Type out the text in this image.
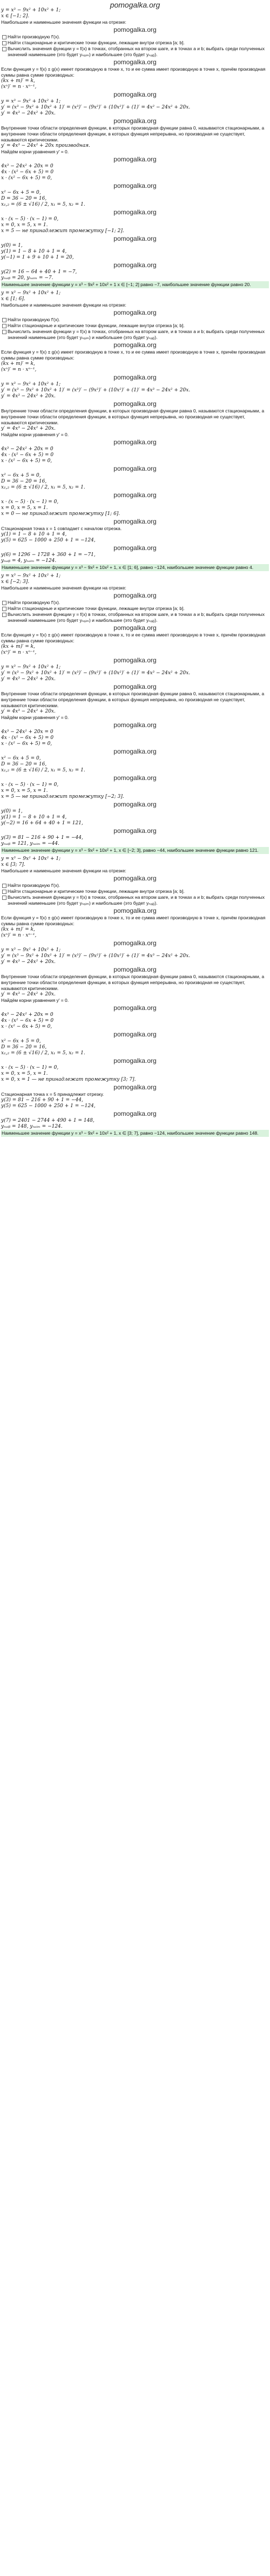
pomogalka.org
y = x³ − 9x² + 10x² + 1;
x ∈ [−1; 2].
Наибольшее и наименьшее значения функции на отрезке:
pomogalka.org
Найти производную f′(x).
Найти стационарные и критические точки функции, лежащие внутри отрезка [a; b].
Вычислить значения функции y = f(x) в точках, отобранных на втором шаге, и в точках a и b; выбрать среди полученных значений наименьшее (это будет yₙₐᵢₘ) и наибольшее (это будет yₙₐᵢᵦ).
pomogalka.org
Если функция y = f(x) ± g(x) имеет производную в точке x, то и ее сумма имеет производную в точке x, причём производная суммы равна сумме производных:
(kx + m)′ = k,
(xⁿ)′ = n · xⁿ⁻¹,
pomogalka.org
y = x³ − 9x² + 10x² + 1;
y′ = (x³ − 9x² + 10x² + 1)′ = (x³)′ − (9x²)′ + (10x²)′ + (1)′ = 4x² − 24x² + 20x.
y′ = 4x³ − 24x² + 20x.
pomogalka.org
Внутренние точки области определения функции, в которых производная функции равна 0, называются стационарными, а внутренние точки области определения функции, в которых функция непрерывна, но производная не существует, называются критическими.
y′ = 4x³ − 24x² + 20x производная.
Найдём корни уравнения y′ = 0.
pomogalka.org
4x³ − 24x² + 20x = 0
4x · (x² − 6x + 5) = 0
x · (x² − 6x + 5) = 0,
pomogalka.org
x² − 6x + 5 = 0,
D = 36 − 20 = 16,
x₁,₂ = (6 ± √16) / 2, x₁ = 5, x₂ = 1.
pomogalka.org
x · (x − 5) · (x − 1) = 0,
x = 0, x = 5, x = 1.
x = 5 — не принадлежит промежутку [−1; 2].
pomogalka.org
y(0) = 1,
y(1) = 1 − 8 + 10 + 1 = 4,
y(−1) = 1 + 9 + 10 + 1 = 20,
pomogalka.org
y(2) = 16 − 64 + 40 + 1 = −7,
yₙₐᵢᵦ = 20, yₙₐᵢₘ = −7.
Наименьшее значение функции y = x³ − 9x² + 10x² + 1 x ∈ [−1; 2] равно −7, наибольшее значение функции равно 20.
y = x³ − 9x² + 10x² + 1;
x ∈ [1; 6].
Наибольшее и наименьшее значения функции на отрезке:
pomogalka.org
Найти производную f′(x).
Найти стационарные и критические точки функции, лежащие внутри отрезка [a; b].
Вычислить значения функции y = f(x) в точках, отобранных на втором шаге, и в точках a и b; выбрать среди полученных значений наименьшее (это будет yₙₐᵢₘ) и наибольшее (это будет yₙₐᵢᵦ).
pomogalka.org
Если функция y = f(x) ± g(x) имеет производную в точке x, то и ее сумма имеет производную в точке x, причём производная суммы равна сумме производных:
(kx + m)′ = k,
(xⁿ)′ = n · xⁿ⁻¹,
pomogalka.org
y = x³ − 9x² + 10x² + 1;
y′ = (x³ − 9x² + 10x² + 1)′ = (x³)′ − (9x²)′ + (10x²)′ + (1)′ = 4x³ − 24x² + 20x.
y′ = 4x³ − 24x² + 20x.
pomogalka.org
Внутренние точки области определения функции, в которых производная функции равна 0, называются стационарными, а внутренние точки области определения функции, в которых функция непрерывна, но производная не существует, называются критическими.
y′ = 4x³ − 24x² + 20x.
Найдём корни уравнения y′ = 0.
pomogalka.org
4x³ − 24x² + 20x = 0
4x · (x² − 6x + 5) = 0
x · (x² − 6x + 5) = 0,
pomogalka.org
x² − 6x + 5 = 0,
D = 36 − 20 = 16,
x₁,₂ = (6 ± √16) / 2, x₁ = 5, x₂ = 1.
pomogalka.org
x · (x − 5) · (x − 1) = 0,
x = 0, x = 5, x = 1.
x = 0 — не принадлежит промежутку [1; 6].
pomogalka.org
Стационарная точка x = 1 совпадает с началом отрезка.
y(1) = 1 − 8 + 10 + 1 = 4,
y(5) = 625 − 1000 + 250 + 1 = −124,
pomogalka.org
y(6) = 1296 − 1728 + 360 + 1 = −71,
yₙₐᵢᵦ = 4, yₙₐᵢₘ = −124.
Наименьшее значение функции y = x³ − 9x² + 10x² + 1, x ∈ [1; 6], равно −124, наибольшее значение функции равно 4.
y = x³ − 9x² + 10x² + 1;
x ∈ [−2; 3].
Наибольшее и наименьшее значения функции на отрезке:
pomogalka.org
Найти производную f′(x).
Найти стационарные и критические точки функции, лежащие внутри отрезка [a; b].
Вычислить значения функции y = f(x) в точках, отобранных на втором шаге, и в точках a и b; выбрать среди полученных значений наименьшее (это будет yₙₐᵢₘ) и наибольшее (это будет yₙₐᵢᵦ).
pomogalka.org
Если функция y = f(x) ± g(x) имеет производную в точке x, то и ее сумма имеет производную в точке x, причём производная суммы равна сумме производных:
(kx + m)′ = k,
(xⁿ)′ = n · xⁿ⁻¹,
pomogalka.org
y = x³ − 9x² + 10x² + 1;
y′ = (x³ − 9x² + 10x² + 1)′ = (x³)′ − (9x²)′ + (10x²)′ + (1)′ = 4x³ − 24x² + 20x.
y′ = 4x³ − 24x² + 20x.
pomogalka.org
Внутренние точки области определения функции, в которых производная функции равна 0, называются стационарными, а внутренние точки области определения функции, в которых функция непрерывна, но производная не существует, называются критическими.
y′ = 4x³ − 24x² + 20x.
Найдём корни уравнения y′ = 0.
pomogalka.org
4x³ − 24x² + 20x = 0
4x · (x² − 6x + 5) = 0
x · (x² − 6x + 5) = 0,
pomogalka.org
x² − 6x + 5 = 0,
D = 36 − 20 = 16,
x₁,₂ = (6 ± √16) / 2, x₁ = 5, x₂ = 1.
pomogalka.org
x · (x − 5) · (x − 1) = 0,
x = 0, x = 5, x = 1.
x = 5 — не принадлежит промежутку [−2; 3].
pomogalka.org
y(0) = 1,
y(1) = 1 − 8 + 10 + 1 = 4,
y(−2) = 16 + 64 + 40 + 1 = 121,
pomogalka.org
y(3) = 81 − 216 + 90 + 1 = −44,
yₙₐᵢᵦ = 121, yₙₐᵢₘ = −44.
Наименьшее значение функции y = x³ − 9x² + 10x² + 1, x ∈ [−2; 3], равно −44, наибольшее значение функции равно 121.
y = x³ − 9x² + 10x² + 1;
x ∈ [3; 7].
Наибольшее и наименьшее значения функции на отрезке:
pomogalka.org
Найти производную f′(x).
Найти стационарные и критические точки функции, лежащие внутри отрезка [a; b].
Вычислить значения функции y = f(x) в точках, отобранных на втором шаге, и в точках a и b; выбрать среди полученных значений наименьшее (это будет yₙₐᵢₘ) и наибольшее (это будет yₙₐᵢᵦ).
pomogalka.org
Если функция y = f(x) ± g(x) имеет производную в точке x, то и ее сумма имеет производную в точке x, причём производная суммы равна сумме производных:
(kx + m)′ = k,
(xⁿ)′ = n · xⁿ⁻¹,
pomogalka.org
y = x³ − 9x² + 10x² + 1;
y′ = (x³ − 9x² + 10x² + 1)′ = (x³)′ − (9x²)′ + (10x²)′ + (1)′ = 4x³ − 24x² + 20x.
y′ = 4x³ − 24x² + 20x.
pomogalka.org
Внутренние точки области определения функции, в которых производная функции равна 0, называются стационарными, а внутренние точки области определения функции, в которых функция непрерывна, но производная не существует, называются критическими.
y′ = 4x³ − 24x² + 20x.
Найдём корни уравнения y′ = 0.
pomogalka.org
4x³ − 24x² + 20x = 0
4x · (x² − 6x + 5) = 0
x · (x² − 6x + 5) = 0,
pomogalka.org
x² − 6x + 5 = 0,
D = 36 − 20 = 16,
x₁,₂ = (6 ± √16) / 2, x₁ = 5, x₂ = 1.
pomogalka.org
x · (x − 5) · (x − 1) = 0,
x = 0, x = 5, x = 1.
x = 0, x = 1 — не принадлежат промежутку [3; 7].
pomogalka.org
Стационарная точка x = 5 принадлежит отрезку.
y(3) = 81 − 216 + 90 + 1 = −44,
y(5) = 625 − 1000 + 250 + 1 = −124,
pomogalka.org
y(7) = 2401 − 2744 + 490 + 1 = 148,
yₙₐᵢᵦ = 148, yₙₐᵢₘ = −124.
Наименьшее значение функции y = x³ − 9x² + 10x² + 1, x ∈ [3; 7], равно −124, наибольшее значение функции равно 148.
